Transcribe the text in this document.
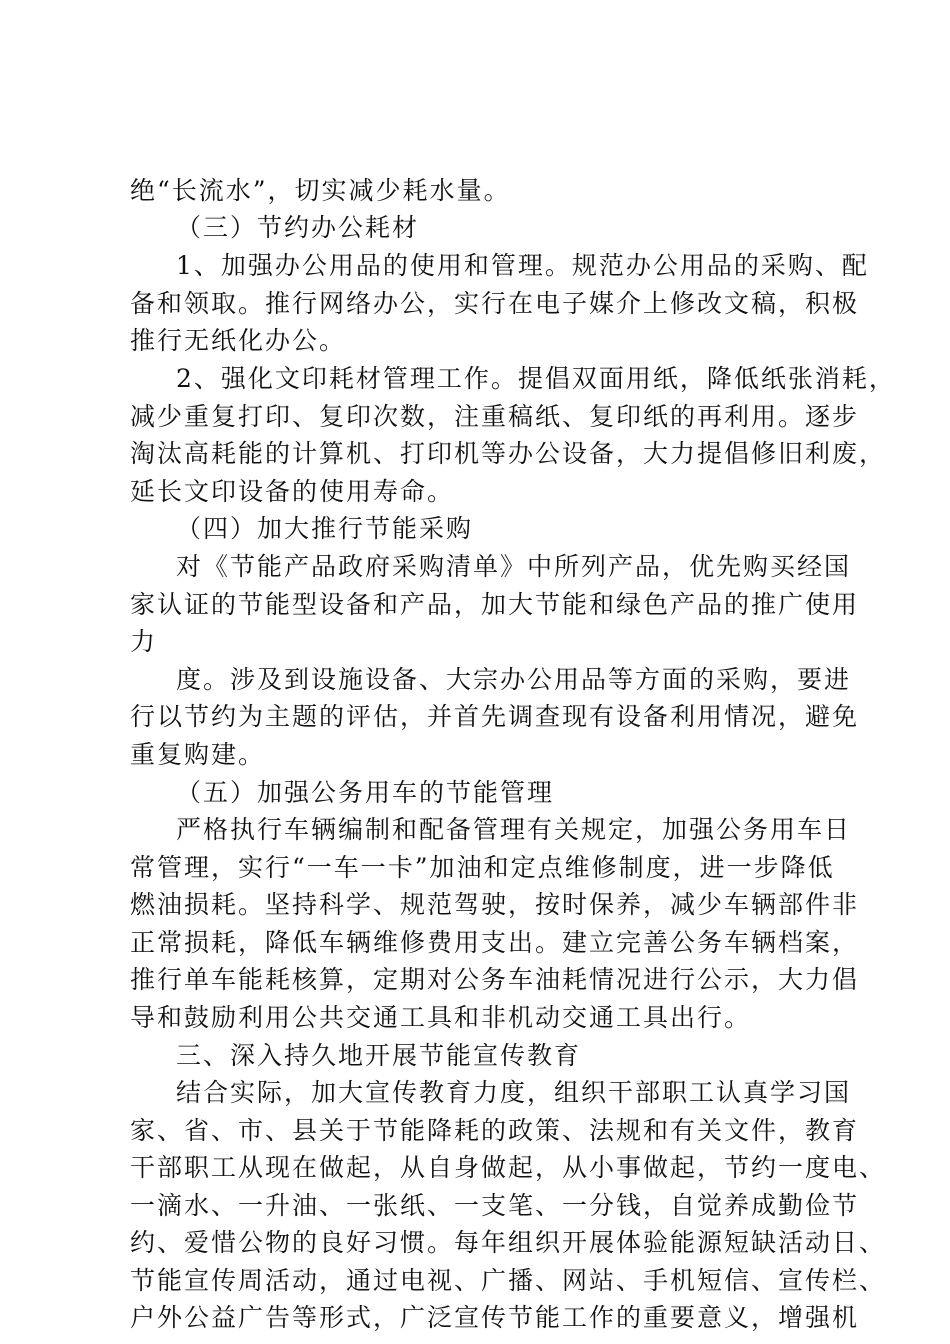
绝“长流水”，切实减少耗水量。
（三）节约办公耗材
1、加强办公用品的使用和管理。规范办公用品的采购、配
备和领取。推行网络办公，实行在电子媒介上修改文稿，积极
推行无纸化办公。
2、强化文印耗材管理工作。提倡双面用纸，降低纸张消耗，
减少重复打印、复印次数，注重稿纸、复印纸的再利用。逐步
淘汰高耗能的计算机、打印机等办公设备，大力提倡修旧利废，
延长文印设备的使用寿命。
（四）加大推行节能采购
对《节能产品政府采购清单》中所列产品，优先购买经国
家认证的节能型设备和产品，加大节能和绿色产品的推广使用
力
度。涉及到设施设备、大宗办公用品等方面的采购，要进
行以节约为主题的评估，并首先调查现有设备利用情况，避免
重复购建。
（五）加强公务用车的节能管理
严格执行车辆编制和配备管理有关规定，加强公务用车日
常管理，实行“一车一卡”加油和定点维修制度，进一步降低
燃油损耗。坚持科学、规范驾驶，按时保养，减少车辆部件非
正常损耗，降低车辆维修费用支出。建立完善公务车辆档案，
推行单车能耗核算，定期对公务车油耗情况进行公示，大力倡
导和鼓励利用公共交通工具和非机动交通工具出行。
三、深入持久地开展节能宣传教育
结合实际，加大宣传教育力度，组织干部职工认真学习国
家、省、市、县关于节能降耗的政策、法规和有关文件，教育
干部职工从现在做起，从自身做起，从小事做起，节约一度电、
一滴水、一升油、一张纸、一支笔、一分钱，自觉养成勤俭节
约、爱惜公物的良好习惯。每年组织开展体验能源短缺活动日、
节能宣传周活动，通过电视、广播、网站、手机短信、宣传栏、
户外公益广告等形式，广泛宣传节能工作的重要意义，增强机
